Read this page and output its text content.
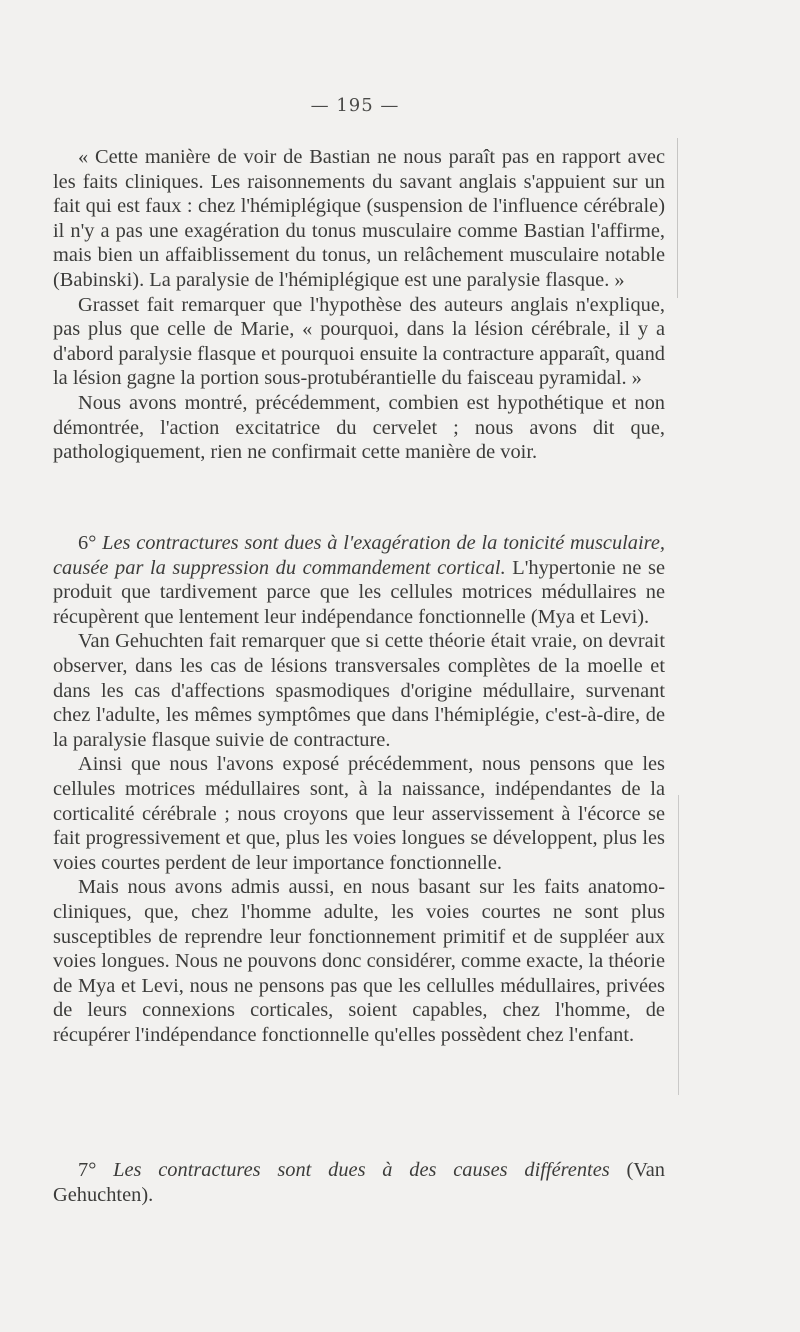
— 195 —

« Cette manière de voir de Bastian ne nous paraît pas en rapport avec les faits cliniques. Les raisonnements du savant anglais s'appuient sur un fait qui est faux : chez l'hémiplégique (suspension de l'influence cérébrale) il n'y a pas une exagération du tonus musculaire comme Bastian l'affirme, mais bien un affaiblissement du tonus, un relâchement musculaire notable (Babinski). La paralysie de l'hémiplégique est une paralysie flasque. »

Grasset fait remarquer que l'hypothèse des auteurs anglais n'explique, pas plus que celle de Marie, « pourquoi, dans la lésion cérébrale, il y a d'abord paralysie flasque et pourquoi ensuite la contracture apparaît, quand la lésion gagne la portion sous-protubérantielle du faisceau pyramidal. »

Nous avons montré, précédemment, combien est hypothétique et non démontrée, l'action excitatrice du cervelet ; nous avons dit que, pathologiquement, rien ne confirmait cette manière de voir.

6° Les contractures sont dues à l'exagération de la tonicité musculaire, causée par la suppression du commandement cortical. L'hypertonie ne se produit que tardivement parce que les cellules motrices médullaires ne récupèrent que lentement leur indépendance fonctionnelle (Mya et Levi).

Van Gehuchten fait remarquer que si cette théorie était vraie, on devrait observer, dans les cas de lésions transversales complètes de la moelle et dans les cas d'affections spasmodiques d'origine médullaire, survenant chez l'adulte, les mêmes symptômes que dans l'hémiplégie, c'est-à-dire, de la paralysie flasque suivie de contracture.

Ainsi que nous l'avons exposé précédemment, nous pensons que les cellules motrices médullaires sont, à la naissance, indépendantes de la corticalité cérébrale ; nous croyons que leur asservissement à l'écorce se fait progressivement et que, plus les voies longues se développent, plus les voies courtes perdent de leur importance fonctionnelle.

Mais nous avons admis aussi, en nous basant sur les faits anatomo-cliniques, que, chez l'homme adulte, les voies courtes ne sont plus susceptibles de reprendre leur fonctionnement primitif et de suppléer aux voies longues. Nous ne pouvons donc considérer, comme exacte, la théorie de Mya et Levi, nous ne pensons pas que les cellulles médullaires, privées de leurs connexions corticales, soient capables, chez l'homme, de récupérer l'indépendance fonctionnelle qu'elles possèdent chez l'enfant.

7° Les contractures sont dues à des causes différentes (Van Gehuchten).
